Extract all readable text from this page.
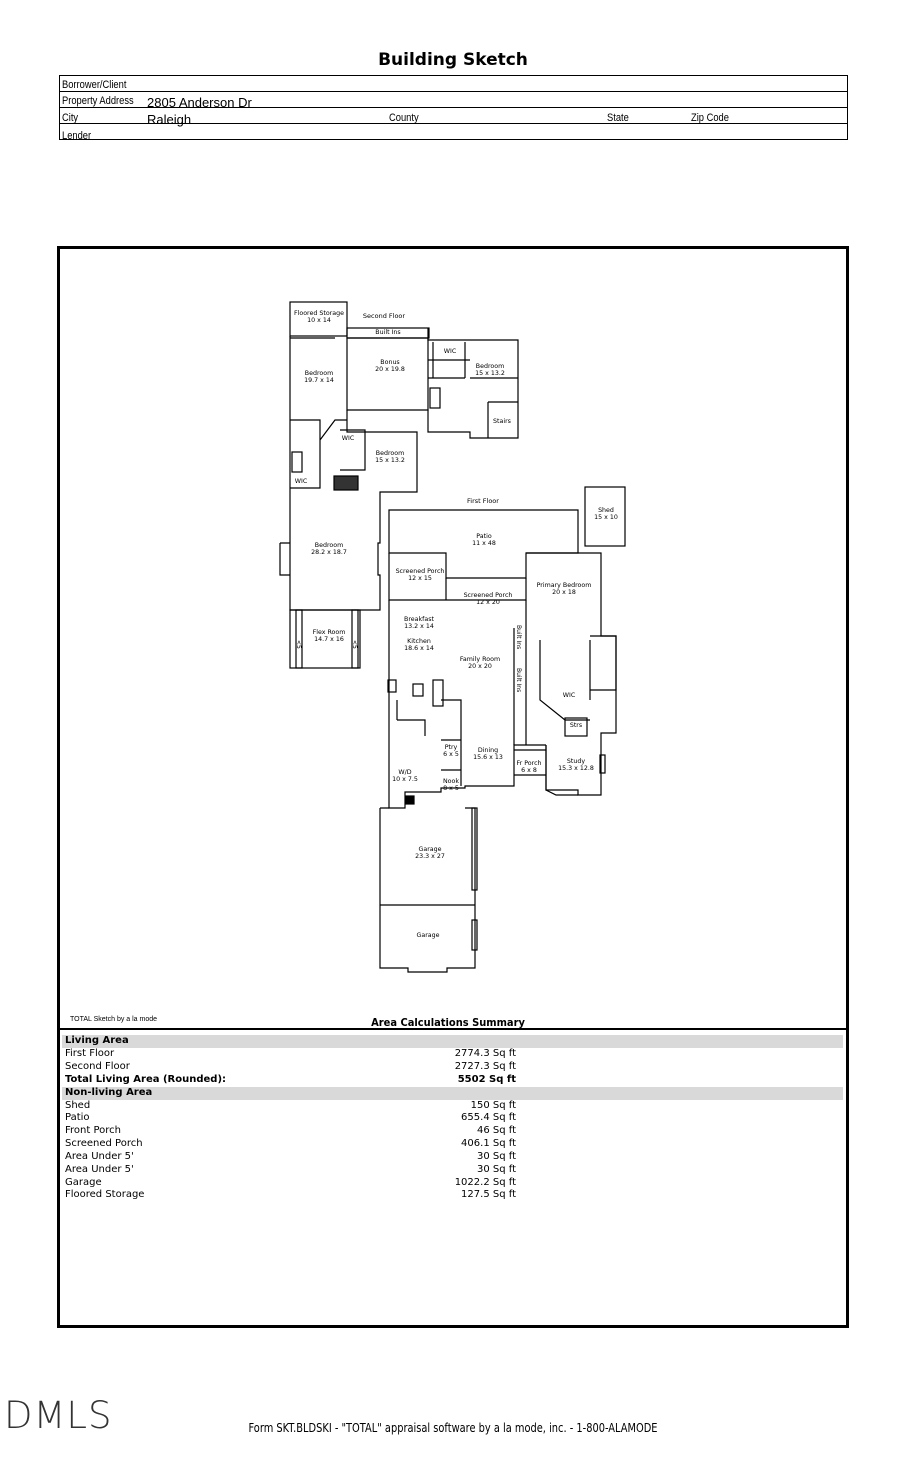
Building Sketch

Borrower/Client
Property Address 2805 Anderson Dr
City	Raleigh	County	State	Zip Code
Lender
Second Floor
First Floor
Floored Storage
10 x 14
Built Ins
Bonus
20 x 19.8
WIC
Bedroom
15 x 13.2
Bedroom
19.7 x 14
Stairs
WIC
Bedroom
15 x 13.2
WIC
Bedroom
28.2 x 18.7
Flex Room
14.7 x 16
Shed
15 x 10
Patio
11 x 48
Screened Porch
12 x 15
Screened Porch
12 x 20
Primary Bedroom
20 x 18
Breakfast
13.2 x 14
Kitchen
18.6 x 14
Family Room
20 x 20
WIC
Strs
Ptry
6 x 5
Dining
15.6 x 13
Fr Porch
6 x 8
Study
15.3 x 12.8
W/D
10 x 7.5	Nook
8 x 5
Garage
23.3 x 27
Garage
Built Ins
Built Ins
<5	<5
TOTAL Sketch by a la mode	Area Calculations Summary
Living Area
First Floor	2774.3 Sq ft
Second Floor	2727.3 Sq ft
Total Living Area (Rounded):	5502 Sq ft
Non-living Area
Shed	150 Sq ft
Patio	655.4 Sq ft
Front Porch	46 Sq ft
Screened Porch	406.1 Sq ft
Area Under 5'	30 Sq ft
Area Under 5'	30 Sq ft
Garage	1022.2 Sq ft
Floored Storage	127.5 Sq ft
DMLS	Form SKT.BLDSKI - "TOTAL" appraisal software by a la mode, inc. - 1-800-ALAMODE
